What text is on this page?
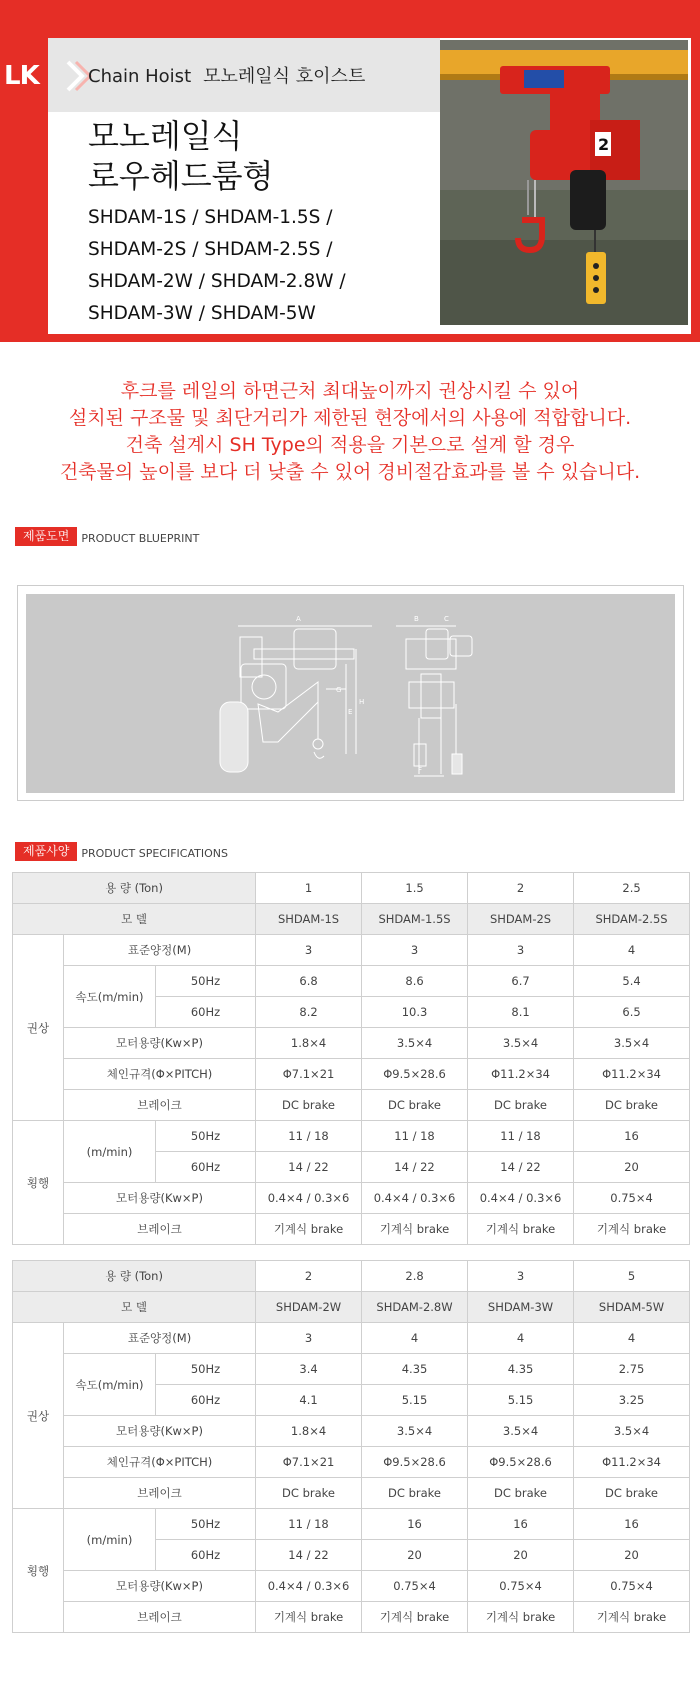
LK	Chain Hoist 모노레일식 호이스트
모노레일식
로우헤드룸형
SHDAM-1S / SHDAM-1.5S /
SHDAM-2S / SHDAM-2.5S /
SHDAM-2W / SHDAM-2.8W /
SHDAM-3W / SHDAM-5W
2
후크를 레일의 하면근처 최대높이까지 권상시킬 수 있어
설치된 구조물 및 최단거리가 제한된 현장에서의 사용에 적합합니다.
건축 설계시 SH Type의 적용을 기본으로 설계 할 경우
건축물의 높이를 보다 더 낮출 수 있어 경비절감효과를 볼 수 있습니다.
제품도면	PRODUCT BLUEPRINT
A	B	C
G
H
E
F
제품사양	PRODUCT SPECIFICATIONS
용 량 (Ton)			1	1.5	2	2.5
모 델			SHDAM-1S	SHDAM-1.5S	SHDAM-2S	SHDAM-2.5S
권상	표준양정(M)		3	3	3	4
	속도(m/min)	50Hz	6.8	8.6	6.7	5.4
		60Hz	8.2	10.3	8.1	6.5
	모터용량(Kw×P)		1.8×4	3.5×4	3.5×4	3.5×4
	체인규격(Φ×PITCH)		Φ7.1×21	Φ9.5×28.6	Φ11.2×34	Φ11.2×34
	브레이크		DC brake	DC brake	DC brake	DC brake
횡행	(m/min)	50Hz	11 / 18	11 / 18	11 / 18	16
		60Hz	14 / 22	14 / 22	14 / 22	20
	모터용량(Kw×P)		0.4×4 / 0.3×6	0.4×4 / 0.3×6	0.4×4 / 0.3×6	0.75×4
	브레이크		기계식 brake	기계식 brake	기계식 brake	기계식 brake
용 량 (Ton)			2	2.8	3	5
모 델			SHDAM-2W	SHDAM-2.8W	SHDAM-3W	SHDAM-5W
권상	표준양정(M)		3	4	4	4
	속도(m/min)	50Hz	3.4	4.35	4.35	2.75
		60Hz	4.1	5.15	5.15	3.25
	모터용량(Kw×P)		1.8×4	3.5×4	3.5×4	3.5×4
	체인규격(Φ×PITCH)		Φ7.1×21	Φ9.5×28.6	Φ9.5×28.6	Φ11.2×34
	브레이크		DC brake	DC brake	DC brake	DC brake
횡행	(m/min)	50Hz	11 / 18	16	16	16
		60Hz	14 / 22	20	20	20
	모터용량(Kw×P)		0.4×4 / 0.3×6	0.75×4	0.75×4	0.75×4
	브레이크		기계식 brake	기계식 brake	기계식 brake	기계식 brake
